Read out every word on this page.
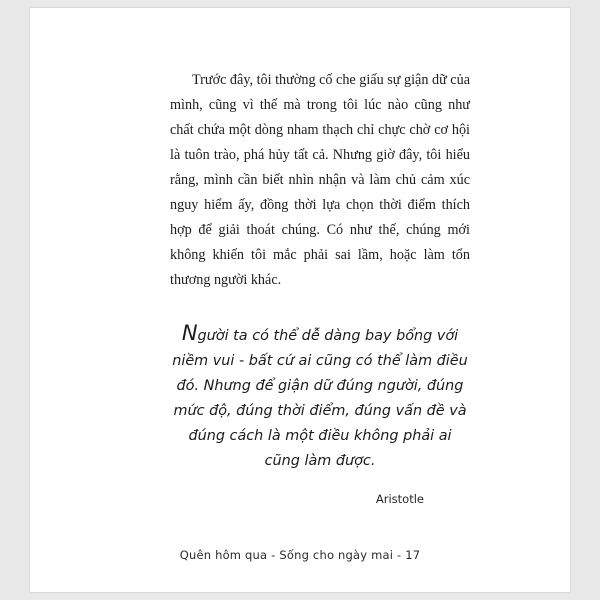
Trước đây, tôi thường cố che giấu sự giận dữ của mình, cũng vì thế mà trong tôi lúc nào cũng như chất chứa một dòng nham thạch chỉ chực chờ cơ hội là tuôn trào, phá hủy tất cả. Nhưng giờ đây, tôi hiểu rằng, mình cần biết nhìn nhận và làm chủ cảm xúc nguy hiểm ấy, đồng thời lựa chọn thời điểm thích hợp để giải thoát chúng. Có như thế, chúng mới không khiến tôi mắc phải sai lầm, hoặc làm tổn thương người khác.

Người ta có thể dễ dàng bay bổng với niềm vui - bất cứ ai cũng có thể làm điều đó. Nhưng để giận dữ đúng người, đúng mức độ, đúng thời điểm, đúng vấn đề và đúng cách là một điều không phải ai cũng làm được.

Aristotle

Quên hôm qua - Sống cho ngày mai - 17
